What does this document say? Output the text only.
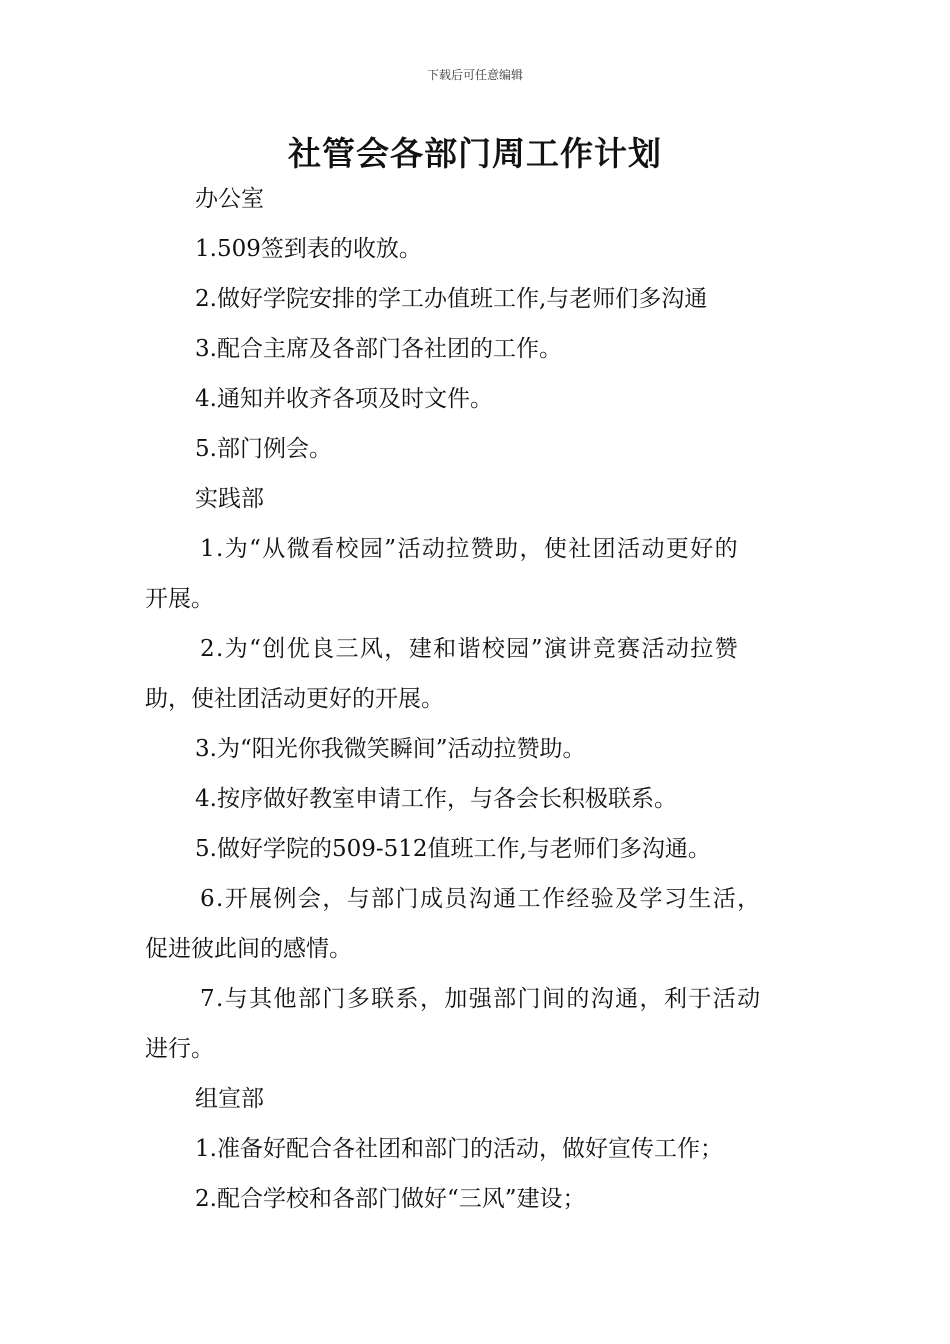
下载后可任意编辑
社管会各部门周工作计划
办公室
1.509签到表的收放。
2.做好学院安排的学工办值班工作,与老师们多沟通
3.配合主席及各部门各社团的工作。
4.通知并收齐各项及时文件。
5.部门例会。
实践部
1.为“从微看校园”活动拉赞助，使社团活动更好的
开展。
2.为“创优良三风，建和谐校园”演讲竞赛活动拉赞
助，使社团活动更好的开展。
3.为“阳光你我微笑瞬间”活动拉赞助。
4.按序做好教室申请工作，与各会长积极联系。
5.做好学院的509-512值班工作,与老师们多沟通。
6.开展例会，与部门成员沟通工作经验及学习生活，
促进彼此间的感情。
7.与其他部门多联系，加强部门间的沟通，利于活动
进行。
组宣部
1.准备好配合各社团和部门的活动，做好宣传工作；
2.配合学校和各部门做好“三风”建设；
